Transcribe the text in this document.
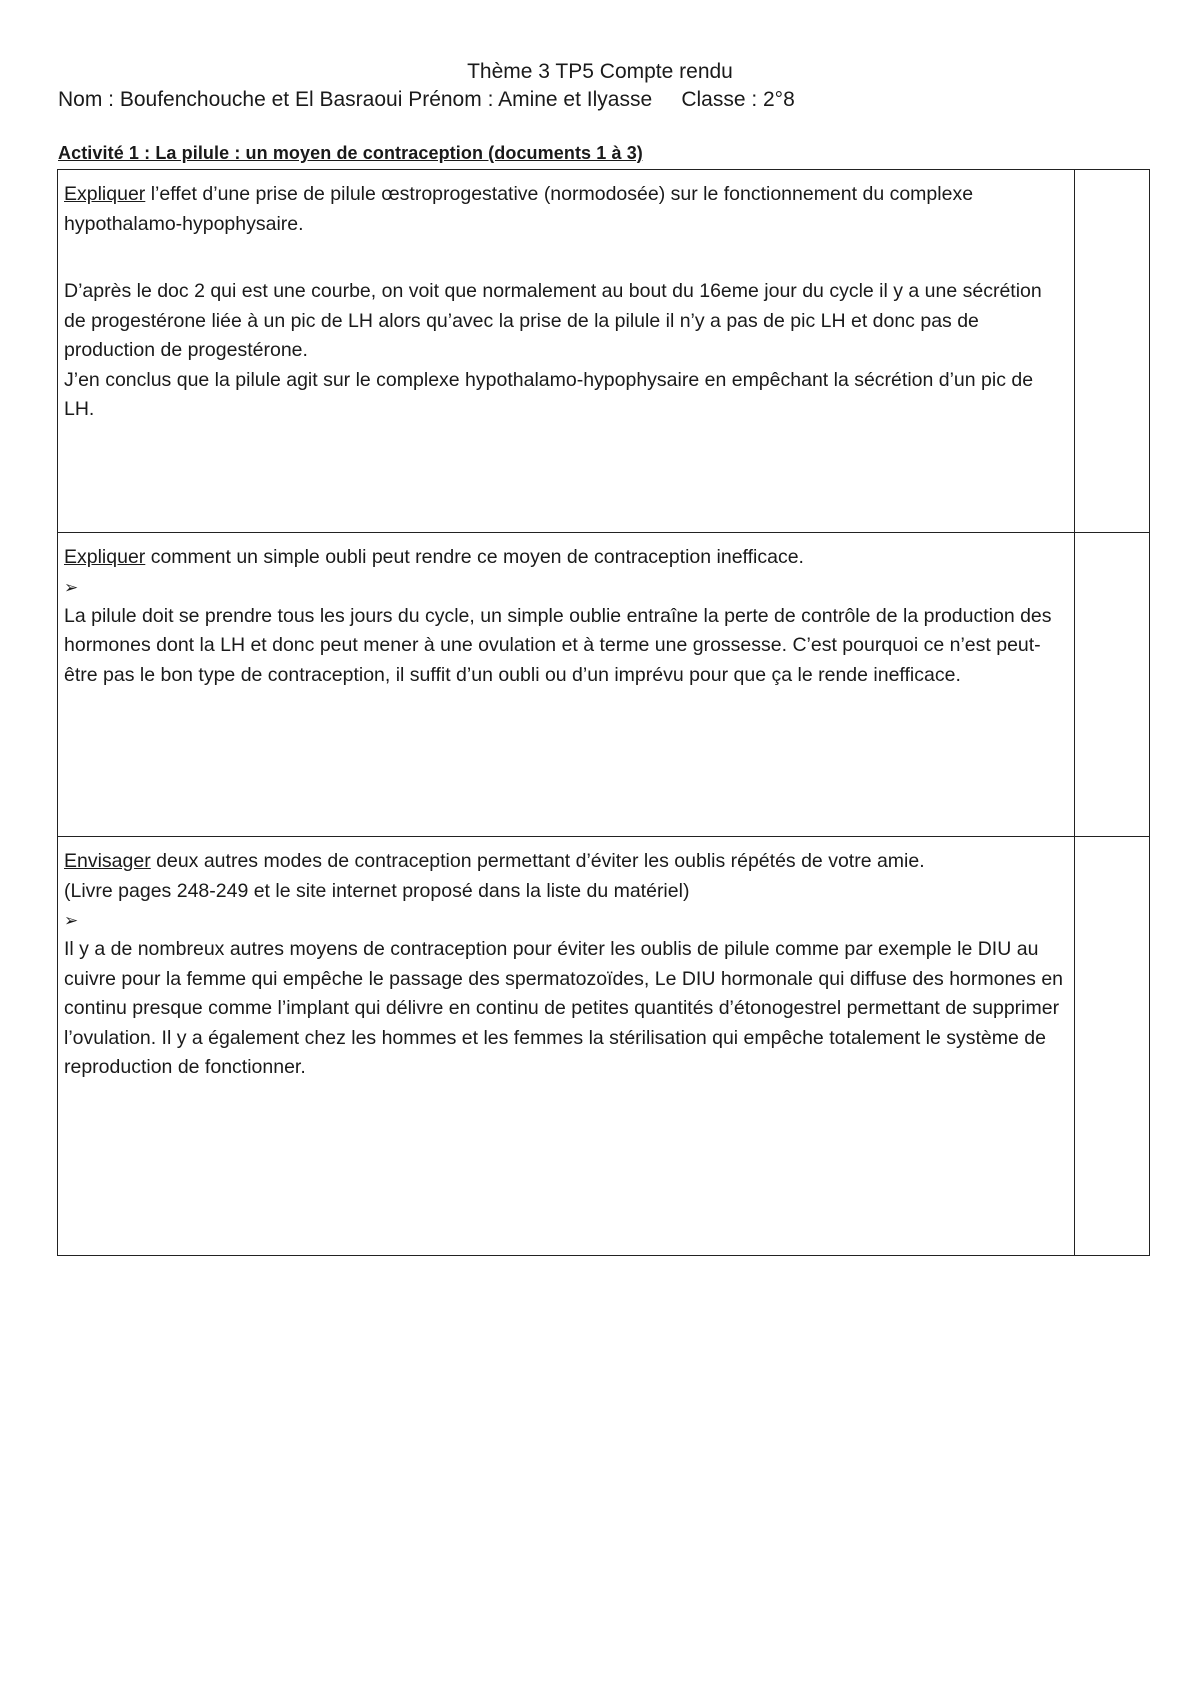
Thème 3 TP5 Compte rendu
Nom : Boufenchouche et El Basraoui Prénom : Amine et Ilyasse     Classe : 2°8
Activité 1 : La pilule : un moyen de contraception (documents 1 à 3)

Expliquer l’effet d’une prise de pilule œstroprogestative (normodosée) sur le fonctionnement du complexe hypothalamo-hypophysaire.

D’après le doc 2 qui est une courbe, on voit que normalement au bout du 16eme jour du cycle il y a une sécrétion de progestérone liée à un pic de LH alors qu’avec la prise de la pilule il n’y a pas de pic LH et donc pas de production de progestérone.

J’en conclus que la pilule agit sur le complexe hypothalamo-hypophysaire en empêchant la sécrétion d’un pic de LH.	

Expliquer comment un simple oubli peut rendre ce moyen de contraception inefficace.

➢

La pilule doit se prendre tous les jours du cycle, un simple oublie entraîne la perte de contrôle de la production des hormones dont la LH et donc peut mener à une ovulation et à terme une grossesse. C’est pourquoi ce n’est peut-être pas le bon type de contraception, il suffit d’un oubli ou d’un imprévu pour que ça le rende inefficace.	

Envisager deux autres modes de contraception permettant d’éviter les oublis répétés de votre amie.

(Livre pages 248-249 et le site internet proposé dans la liste du matériel)

➢

Il y a de nombreux autres moyens de contraception pour éviter les oublis de pilule comme par exemple le DIU au cuivre pour la femme qui empêche le passage des spermatozoïdes, Le DIU hormonale qui diffuse des hormones en continu presque comme l’implant qui délivre en continu de petites quantités d’étonogestrel permettant de supprimer l’ovulation. Il y a également chez les hommes et les femmes la stérilisation qui empêche totalement le système de reproduction de fonctionner.	
